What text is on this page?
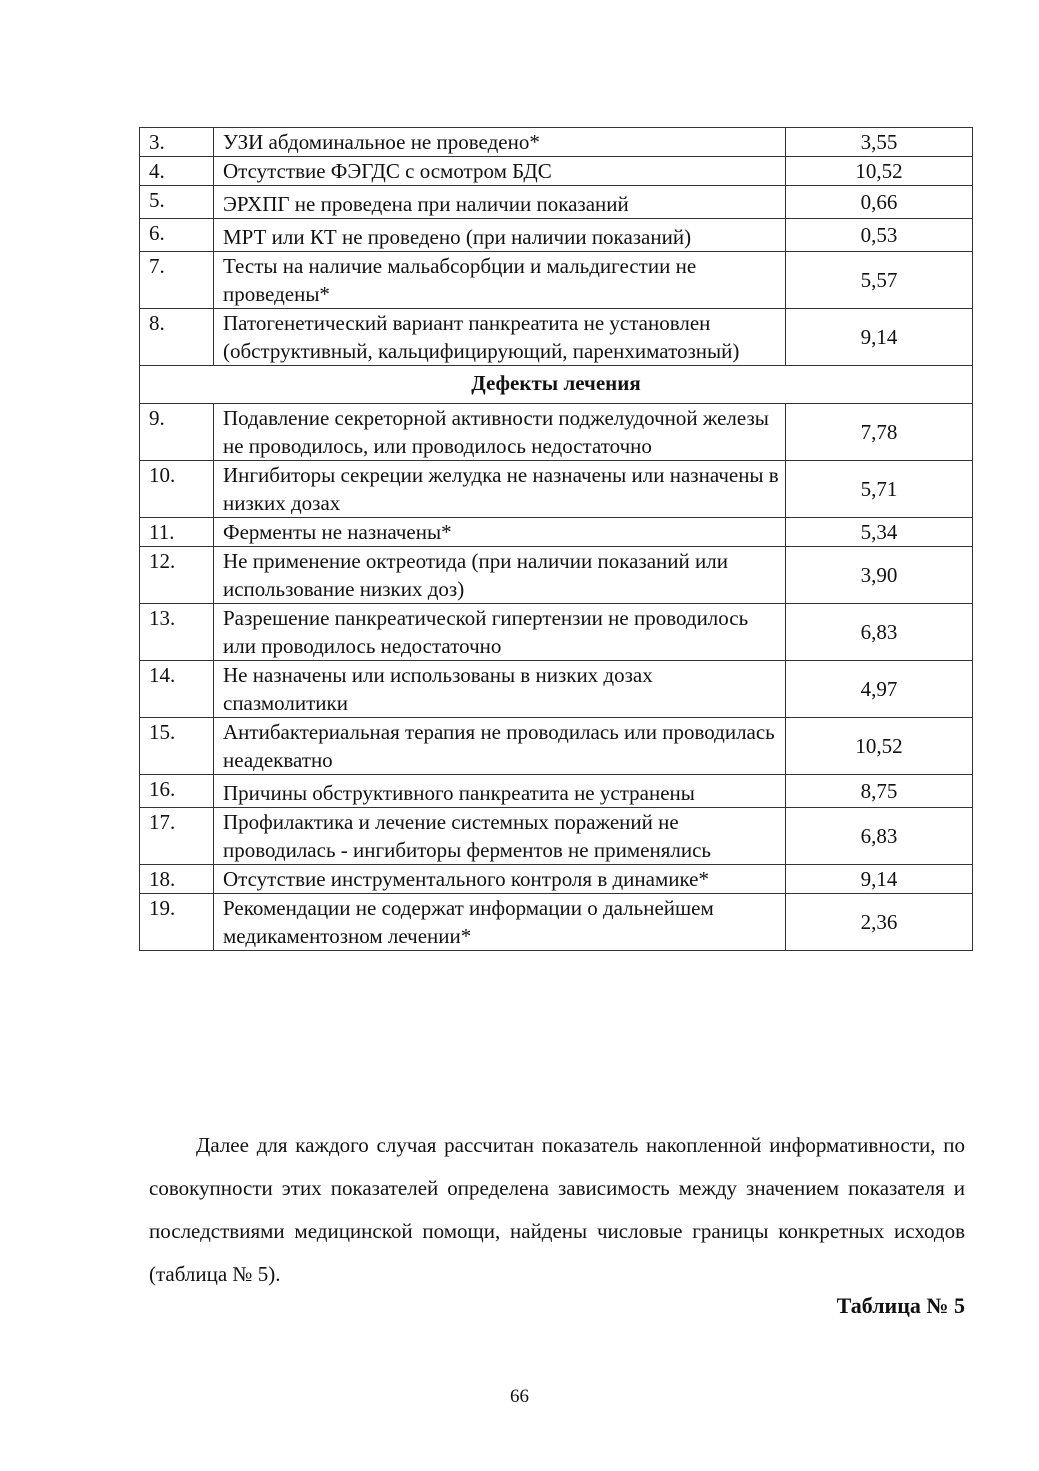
3.	УЗИ абдоминальное не проведено*	3,55
4.	Отсутствие ФЭГДС с осмотром БДС	10,52
5.	ЭРХПГ не проведена при наличии показаний	0,66
6.	МРТ или КТ не проведено (при наличии показаний)	0,53
7.	Тесты на наличие мальабсорбции и мальдигестии не проведены*	5,57
8.	Патогенетический вариант панкреатита не установлен (обструктивный, кальцифицирующий, паренхиматозный)	9,14
Дефекты лечения		
9.	Подавление секреторной активности поджелудочной железы не проводилось, или проводилось недостаточно	7,78
10.	Ингибиторы секреции желудка не назначены или назначены в низких дозах	5,71
11.	Ферменты не назначены*	5,34
12.	Не применение октреотида (при наличии показаний или использование низких доз)	3,90
13.	Разрешение панкреатической гипертензии не проводилось или проводилось недостаточно	6,83
14.	Не назначены или использованы в низких дозах спазмолитики	4,97
15.	Антибактериальная терапия не проводилась или проводилась неадекватно	10,52
16.	Причины обструктивного панкреатита не устранены	8,75
17.	Профилактика и лечение системных поражений не проводилась - ингибиторы ферментов не применялись	6,83
18.	Отсутствие инструментального контроля в динамике*	9,14
19.	Рекомендации не содержат информации о дальнейшем медикаментозном лечении*	2,36

Далее для каждого случая рассчитан показатель накопленной информативности, по совокупности этих показателей определена зависимость между значением показателя и последствиями медицинской помощи, найдены числовые границы конкретных исходов (таблица № 5).

Таблица № 5

66
